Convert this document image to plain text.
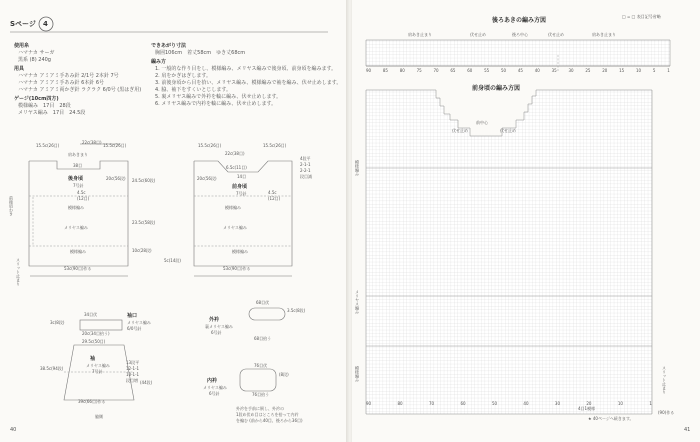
Sページ 4
使用糸
ハマナカ サーガ
黒系 (8) 240g
用具
ハマナカ アミアミ手あみ針 2/1号 2本針 7号
ハマナカ アミアミ手あみ針 6本針 6号
ハマナカ アミアミ両かぎ針 ラクラク 6/0号 (黒はぎ用)
ゲージ(10cm四方)
模様編み　17目　28段
メリヤス編み　17目　24.5段
できあがり寸法
胸囲106cm　着丈58cm　ゆき丈68cm
編み方
1. 一般的な作り目をし、模様編み、メリヤス編みで後身頃、前身頃を編みます。
2. 肩をかぎはぎします。
3. 前後身頃から目を拾い、メリヤス編み、模様編みで袖を編み、伏せ止めします。
4. 脇、袖下をすくいとじします。
5. 裏メリヤス編みで外衿を輪に編み、伏せ止めします。
6. メリヤス編みで内衿を輪に編み、伏せ止めします。
15.5c(26目)
22c(38目)
15.5c(26目)
肩あきまり
38目
後身頃
7号針
4.5c
(12目)
模様編み
メリヤス編み
模様編み
24.5c(60段)
23.5c(58段)
10c(28段)
20c(56段)
53c(90目)作る
前後肩わき
スリット止まり
15.5c(26目)
22c(38目)
15.5c(26目)
6.5c(11目)
14目
前身頃
7号針
模様編み
メリヤス編み
模様編み
53c(90目)作る
5c(14段)
20c(56段)
4.5c
(12目)
4段平
2-1-1
2-2-1
段目減
34目伏	袖口
メリヤス編み
6/0号針
3c(8段)
20c(34目拾う)
29.5c(50目)
袖
メリヤス編み
7号針
38.5c(94段)
(44段)
13段平
12-1-1
10-1-1
段目増
39c(66目)作る
脇側
68目伏
外衿
裏メリヤス編み
6号針
68目拾う
3.5c(8段)
76目伏
内衿
メリヤス編み
6号針	76目拾う
(8段)
外衿を手前に倒し、外衿の
1段め伏め目はところを拾って内衿
を編む (前から40目、後ろから36目)
40
□ = □ 表目記号省略
後ろあきの編み方図
肩あき止まり	伏せ止め	後ろ中心	伏せ止め	肩あき止まり
前身頃の編み方図
前中心
伏せ止め	伏せ止め
模様編み
メリヤス編み
模様編み	スリット止まり
4目1模様
(90)作る
★ 40ページへ続きます。
41
90	85	80	75	70	65	60	55	50	45	40	35	30	25	20	15	10	5	1
90	80	70	60	50	40	30	20	10	1
